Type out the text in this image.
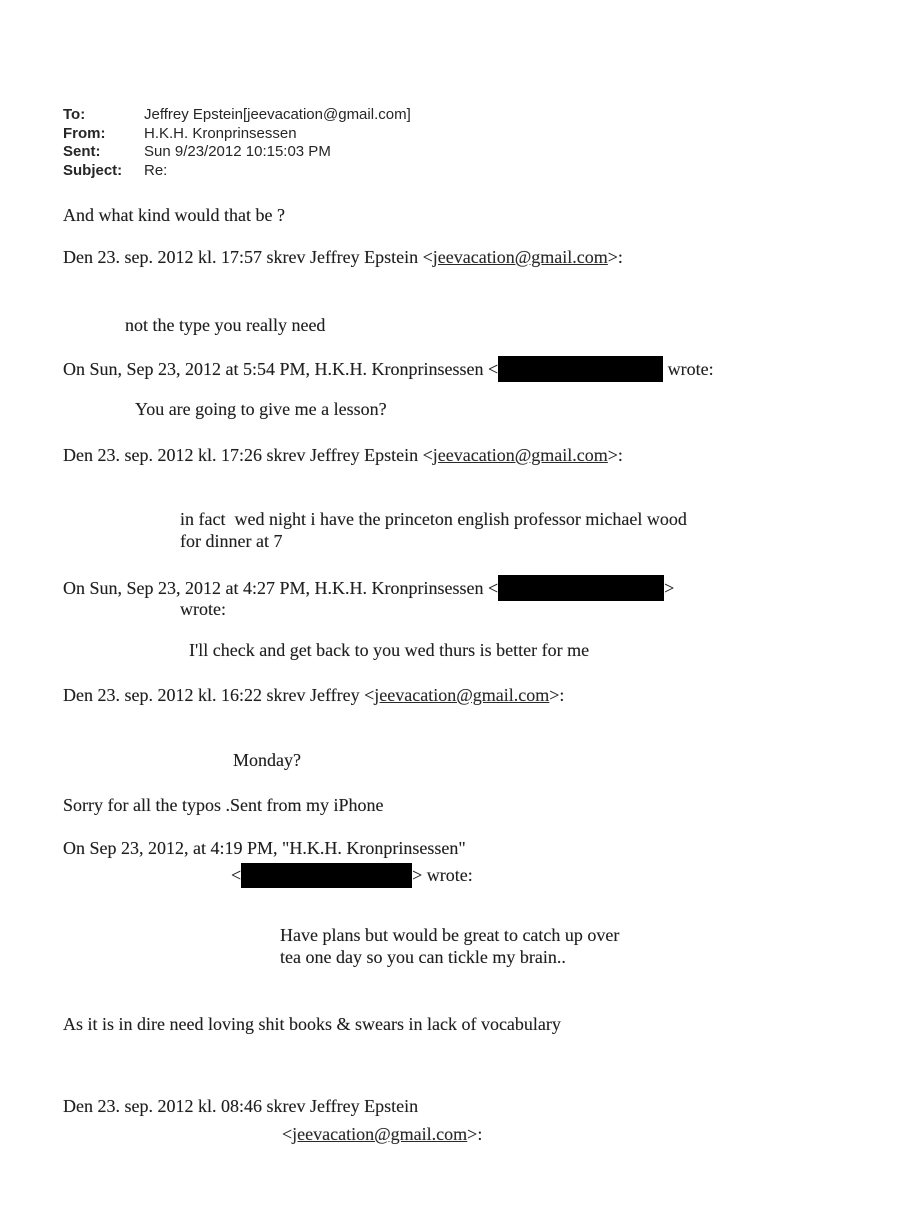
To:	Jeffrey Epstein[jeevacation@gmail.com]
From:	H.K.H. Kronprinsessen
Sent:	Sun 9/23/2012 10:15:03 PM
Subject:	Re:
And what kind would that be ?
Den 23. sep. 2012 kl. 17:57 skrev Jeffrey Epstein <jeevacation@gmail.com>:
not the type you really need
On Sun, Sep 23, 2012 at 5:54 PM, H.K.H. Kronprinsessen <	wrote:
You are going to give me a lesson?
Den 23. sep. 2012 kl. 17:26 skrev Jeffrey Epstein <jeevacation@gmail.com>:
in fact  wed night i have the princeton english professor michael wood for dinner at 7
On Sun, Sep 23, 2012 at 4:27 PM, H.K.H. Kronprinsessen <	>
wrote:
I'll check and get back to you wed thurs is better for me
Den 23. sep. 2012 kl. 16:22 skrev Jeffrey <jeevacation@gmail.com>:
Monday?
Sorry for all the typos .Sent from my iPhone
On Sep 23, 2012, at 4:19 PM, "H.K.H. Kronprinsessen"
<	> wrote:
Have plans but would be great to catch up over tea one day so you can tickle my brain..
As it is in dire need loving shit books & swears in lack of vocabulary
Den 23. sep. 2012 kl. 08:46 skrev Jeffrey Epstein
<jeevacation@gmail.com>:
